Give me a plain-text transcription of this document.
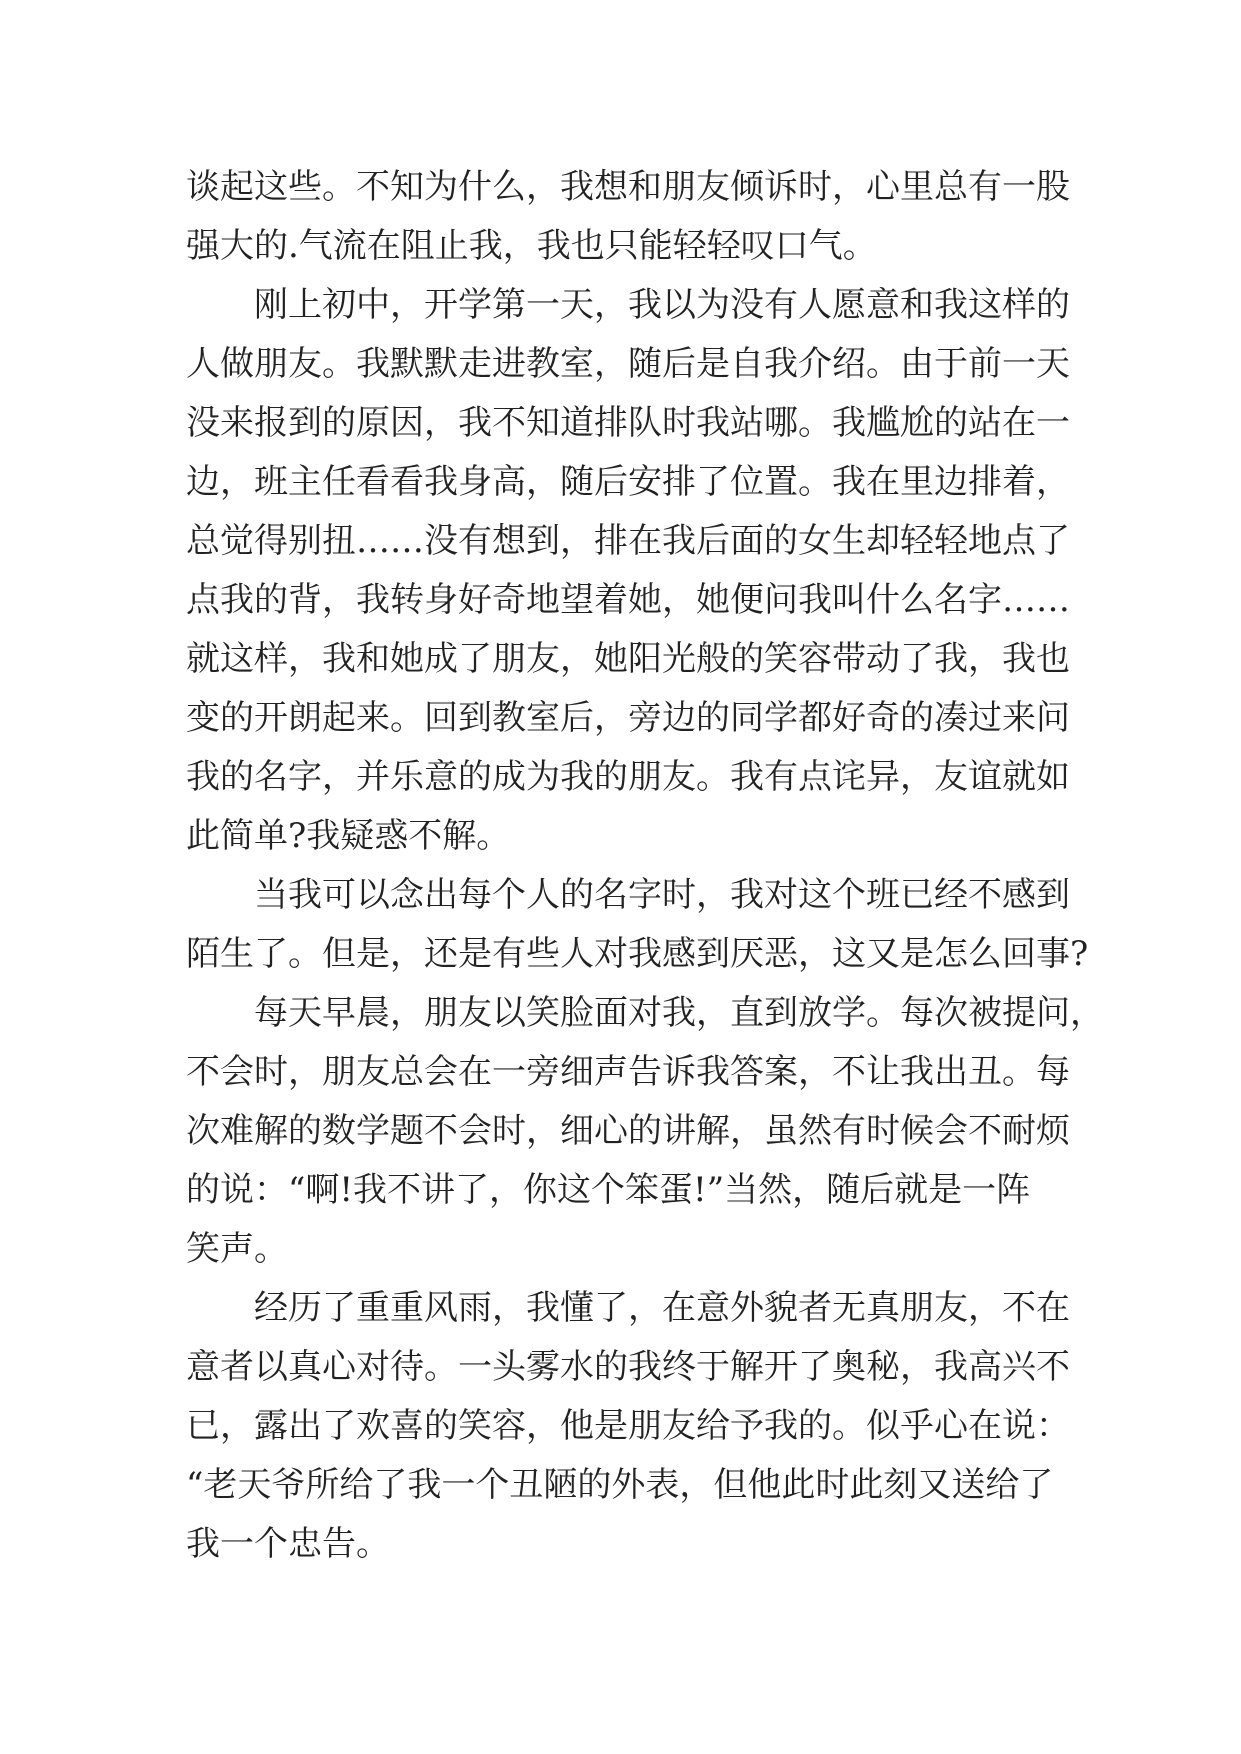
谈起这些。不知为什么，我想和朋友倾诉时，心里总有一股
强大的.气流在阻止我，我也只能轻轻叹口气。
刚上初中，开学第一天，我以为没有人愿意和我这样的
人做朋友。我默默走进教室，随后是自我介绍。由于前一天
没来报到的原因，我不知道排队时我站哪。我尴尬的站在一
边，班主任看看我身高，随后安排了位置。我在里边排着，
总觉得别扭……没有想到，排在我后面的女生却轻轻地点了
点我的背，我转身好奇地望着她，她便问我叫什么名字……
就这样，我和她成了朋友，她阳光般的笑容带动了我，我也
变的开朗起来。回到教室后，旁边的同学都好奇的凑过来问
我的名字，并乐意的成为我的朋友。我有点诧异，友谊就如
此简单?我疑惑不解。
当我可以念出每个人的名字时，我对这个班已经不感到
陌生了。但是，还是有些人对我感到厌恶，这又是怎么回事?
每天早晨，朋友以笑脸面对我，直到放学。每次被提问，
不会时，朋友总会在一旁细声告诉我答案，不让我出丑。每
次难解的数学题不会时，细心的讲解，虽然有时候会不耐烦
的说：“啊!我不讲了，你这个笨蛋!”当然，随后就是一阵
笑声。
经历了重重风雨，我懂了，在意外貌者无真朋友，不在
意者以真心对待。一头雾水的我终于解开了奥秘，我高兴不
已，露出了欢喜的笑容，他是朋友给予我的。似乎心在说：
“老天爷所给了我一个丑陋的外表，但他此时此刻又送给了
我一个忠告。
